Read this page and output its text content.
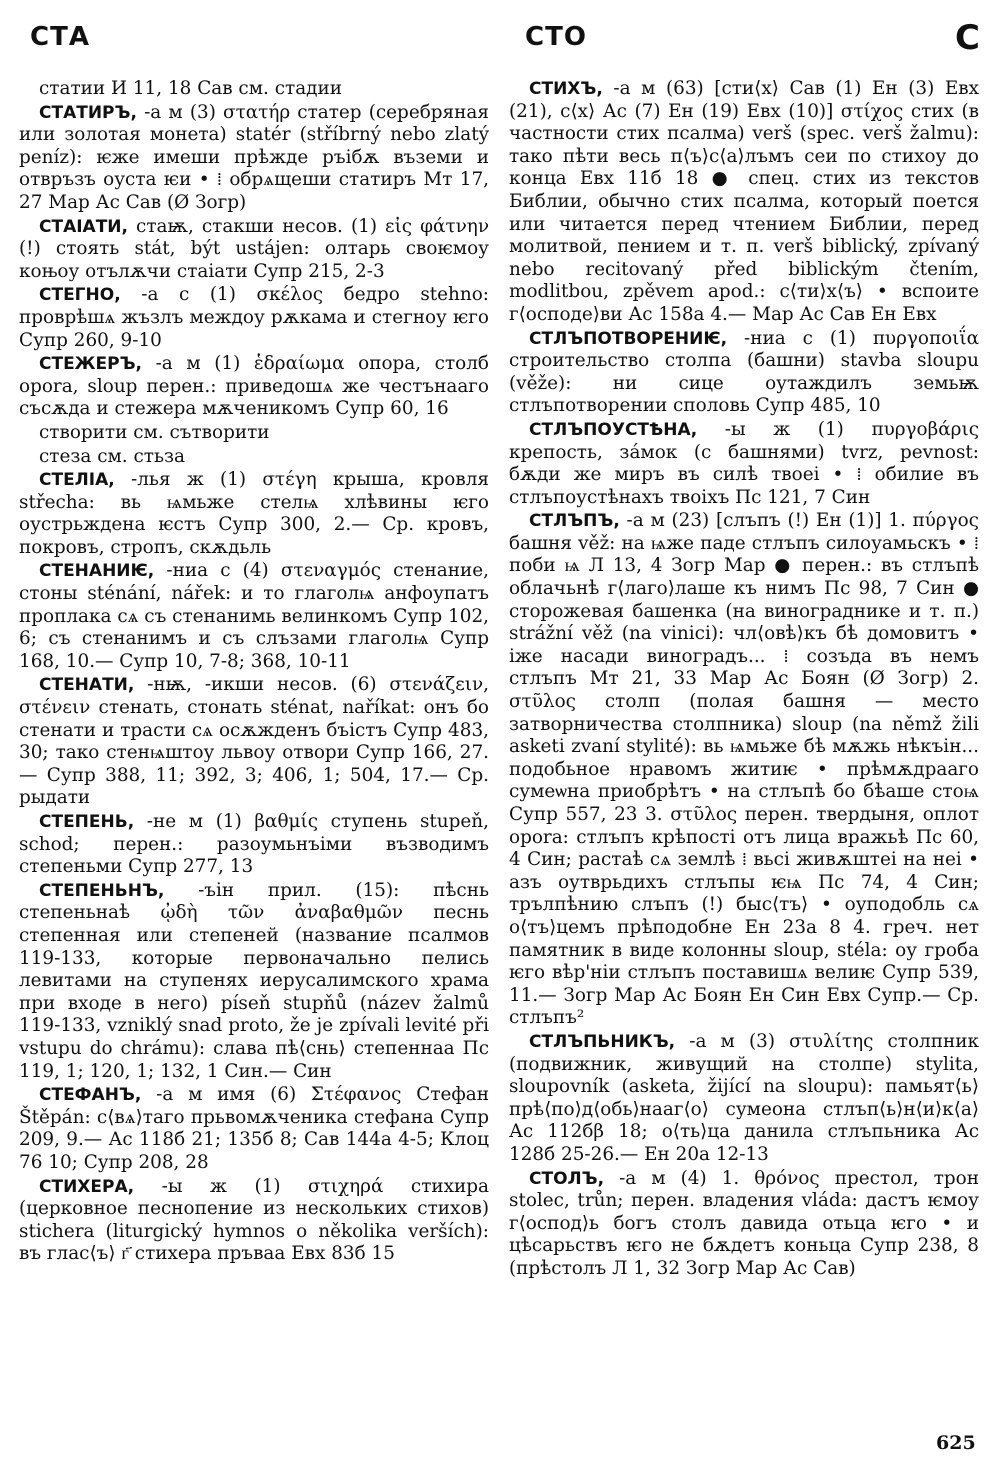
СТА	СТО	С

статии И 11, 18 Сав см. стадии

СТАТИРЪ, -а м (3) στατήρ статер (серебряная или золотая монета) statér (stříbrný nebo zlatý peníz): ѥже имеши прѣжде ръібѫ въземи и отвръзъ оуста ѥи • ⁞ обрѧщеши статиръ Мт 17, 27 Мар Ас Сав (Ø Зогр)

СТАІАТИ, стаѭ, стакши несов. (1) εἰς φάτνην (!) стоять stát, být ustájen: олтарь своѥмоу коњоу отълѫчи стаіати Супр 215, 2-3

СТЕГНО, -а с (1) σκέλος бедро stehno: проврѣшѧ жъзлъ междоу рѫкама и стегноу ѥго Супр 260, 9-10

СТЕЖЕРЪ, -а м (1) ἑδραίωμα опора, столб opora, sloup перен.: приведошѧ же честънааго съсѫда и стежера мѫченикомъ Супр 60, 16

створити см. сътворити

стеза см. стьза

СТЕЛІА, -лья ж (1) στέγη крыша, кровля střecha: вь ѩмьже стелѩ хлѣвины ѥго оустрьждена ѥстъ Супр 300, 2.— Ср. кровъ, покровъ, стропъ, скѫдьль

СТЕНАНИѤ, -ниа с (4) στεναγμός стенание, стоны sténání, nářek: и то глаголѩ анфоупатъ проплака сѧ съ стенанимь велинкомъ Супр 102, 6; съ стенанимъ и съ слъзами глаголѩ Супр 168, 10.— Супр 10, 7-8; 368, 10-11

СТЕНАТИ, -нѭ, -икши несов. (6) στενάζειν, στένειν стенать, стонать sténat, naříkat: онъ бо стенати и трасти сѧ осѫжденъ бъістъ Супр 483, 30; тако стенѩштоу львоу отвори Супр 166, 27.— Супр 388, 11; 392, 3; 406, 1; 504, 17.— Ср. рыдати

СТЕПЕНЬ, -не м (1) βαθμίς ступень stupeň, schod; перен.: разоумьнъіми възводимъ степеньми Супр 277, 13

СТЕПЕНЬНЪ, -ъін прил. (15): пѣснь степеньнаѣ ᾠδὴ τῶν ἀναβαθμῶν песнь степенная или степеней (название псалмов 119-133, которые первоначально пелись левитами на ступенях иерусалимского храма при входе в него) píseň stupňů (název žalmů 119-133, vzniklý snad proto, že je zpívali levité při vstupu do chrámu): слава пѣ⟨снь⟩ степеннаа Пс 119, 1; 120, 1; 132, 1 Син.— Син

СТЕФАНЪ, -а м имя (6) Στέφανος Стефан Štěpán: с⟨вѧ⟩таго прьвомѫченика стефана Супр 209, 9.— Ас 118б 21; 135б 8; Сав 144а 4-5; Клоц 76 10; Супр 208, 28

СТИХЕРА, -ы ж (1) στιχηρά стихира (церковное песнопение из нескольких стихов) stichera (liturgický hymnos o několika verších): въ глас⟨ъ⟩ г҃ стихера пръваа Евх 83б 15

СТИХЪ, -а м (63) [сти⟨х⟩ Сав (1) Ен (3) Евх (21), с⟨х⟩ Ас (7) Ен (19) Евх (10)] στίχος стих (в частности стих псалма) verš (spec. verš žalmu): тако пѣти весь п⟨ъ⟩с⟨а⟩лъмъ сеи по стихоу до конца Евх 11б 18 ● спец. стих из текстов Библии, обычно стих псалма, который поется или читается перед чтением Библии, перед молитвой, пением и т. п. verš biblický, zpívaný nebo recitovaný před biblickým čtením, modlitbou, zpěvem apod.: с⟨ти⟩х⟨ъ⟩ • вспоите г⟨осподе⟩ви Ас 158а 4.— Мар Ас Сав Ен Евх

СТЛЪПОТВОРЕНИѤ, -ниа с (1) πυργοποιΐα строительство столпа (башни) stavba sloupu (věže): ни сице оутаждилъ земьѭ стлъпотворении споловь Супр 485, 10

СТЛЪПОУСТѢНА, -ы ж (1) πυργοβάρις крепость, за́мок (с башнями) tvrz, pevnost: бѫди же миръ въ силѣ твоеі • ⁞ обилие въ стлъпоустѣнахъ твоіхъ Пс 121, 7 Син

СТЛЪПЪ, -а м (23) [слъпъ (!) Ен (1)] 1. πύργος башня věž: на ѩже паде стлъпъ силоуамьскъ • ⁞ поби ѩ Л 13, 4 Зогр Мар ● перен.: въ стлъпѣ облачьнѣ г⟨лаго⟩лаше къ нимъ Пс 98, 7 Син ● сторожевая башенка (на винограднике и т. п.) strážní věž (na vinici): чл⟨овѣ⟩къ бѣ домовитъ • іже насади виноградъ... ⁞ созъда въ немъ стлъпъ Мт 21, 33 Мар Ас Боян (Ø Зогр) 2. στῦλος столп (полая башня — место затворничества столпника) sloup (na němž žili asketi zvaní stylité): вь ѩмьже бѣ мѫжь нѣкъін... подобьное нравомъ житиѥ • прѣмѫдрааго сумеѡна приобрѣтъ • на стлъпѣ бо бѣаше стоѩ Супр 557, 23 3. στῦλος перен. твердыня, оплот opora: стлъпъ крѣпості отъ лица вражьѣ Пс 60, 4 Син; растаѣ сѧ землѣ ⁞ вьсі живѫштеі на неі • азъ оутврьдихъ стлъпы ѥѩ Пс 74, 4 Син; трълпѣнию слъпъ (!) быс⟨тъ⟩ • оуподобль сѧ о⟨тъ⟩цемъ прѣподобне Ен 23а 8 4. греч. нет памятник в виде колонны sloup, stéla: оу гроба ѥго вѣр'ніи стлъпъ поставишѧ велиѥ Супр 539, 11.— Зогр Мар Ас Боян Ен Син Евх Супр.— Ср. стлъпъ²

СТЛЪПЬНИКЪ, -а м (3) στυλίτης столпник (подвижник, живущий на столпе) stylita, sloupovník (asketa, žijící na sloupu): памьят⟨ь⟩ прѣ⟨по⟩д⟨обь⟩нааг⟨о⟩ сумеона стлъп⟨ь⟩н⟨и⟩к⟨а⟩ Ас 112бβ 18; о⟨ть⟩ца данила стлъпьника Ас 128б 25-26.— Ен 20а 12-13

СТОЛЪ, -а м (4) 1. θρόνος престол, трон stolec, trůn; перен. владения vláda: дастъ ѥмоу г⟨оспод⟩ь богъ столъ давида отьца ѥго • и цѣсарьствъ ѥго не бѫдетъ коньца Супр 238, 8 (прѣстолъ Л 1, 32 Зогр Мар Ас Сав)

625
